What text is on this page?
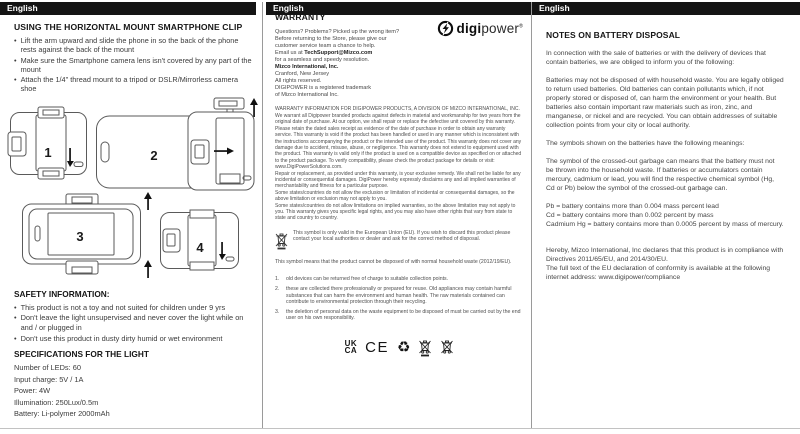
English
USING THE HORIZONTAL MOUNT SMARTPHONE CLIP
• Lift the arm upward and slide the phone in so the back of the phone rests against the back of the mount
• Make sure the Smartphone camera lens isn't covered by any part of the mount
• Attach the 1/4" thread mount to a tripod or DSLR/Mirrorless camera shoe
1	2
3
4
SAFETY INFORMATION:
• This product is not a toy and not suited for children under 9 yrs
• Don't leave the light unsupervised and never cover the light while on and / or plugged in
• Don't use this product in dusty dirty humid or wet environment
SPECIFICATIONS FOR THE LIGHT
Number of LEDs: 60
Input charge: 5V / 1A
Power: 4W
Illumination: 250Lux/0.5m
Battery: Li-polymer 2000mAh
English
digipower®
WARRANTY
Questions? Problems? Picked up the wrong item?
Before returning to the Store, please give our
customer service team a chance to help.
Email us at TechSupport@Mizco.com
for a seamless and speedy resolution.
Mizco International, Inc.
Cranford, New Jersey
All rights reserved.
DIGIPOWER is a registered trademark
of Mizco International Inc.

WARRANTY INFORMATION FOR DIGIPOWER PRODUCTS, A DIVISION OF MIZCO INTERNATIONAL, INC.

We warrant all Digipower branded products against defects in material and workmanship for two years from the original date of purchase. At our option, we shall repair or replace the defective unit covered by this warranty. Please retain the dated sales receipt as evidence of the date of purchase in order to obtain any warranty service. This warranty is void if the product has been handled or used in any manner which is inconsistent with the instructions accompanying the product or the intended use of the product. This warranty does not cover any damage due to accident, misuse, abuse, or negligence. This warranty does not extend to equipment used with the product. This warranty is valid only if the product is used on a compatible device as specified on or attached to the product package. To verify compatibility, please check the product package for details or visit: www.DigiPowerSolutions.com.

Repair or replacement, as provided under this warranty, is your exclusive remedy. We shall not be liable for any incidental or consequential damages. DigiPower hereby expressly disclaims any and all implied warranties of merchantability and fitness for a particular purpose.

Some states/countries do not allow the exclusion or limitation of incidental or consequential damages, so the above limitation or exclusion may not apply to you.

Some states/countries do not allow limitations on implied warranties, so the above limitation may not apply to you. This warranty gives you specific legal rights, and you may also have other rights that vary from state to state and country to country.

This symbol is only valid in the European Union (EU). If you wish to discard this product please contact your local authorities or dealer and ask for the correct method of disposal.
This symbol means that the product cannot be disposed of with normal household waste (2012/19/EU).
1.	old devices can be returned free of charge to suitable collection points.
2.	these are collected there professionally or prepared for reuse. Old appliances may contain harmful substances that can harm the environment and human health. The raw materials contained can contribute to environmental protection through their recycling.
3.	the deletion of personal data on the waste equipment to be disposed of must be carried out by the end user on his own responsibility.
UK
CA CE ♻
English
NOTES ON BATTERY DISPOSAL
In connection with the sale of batteries or with the delivery of devices that contain batteries, we are obliged to inform you of the following:
Batteries may not be disposed of with household waste. You are legally obliged to return used batteries. Old batteries can contain pollutants which, if not properly stored or disposed of, can harm the environment or your health. But batteries also contain important raw materials such as iron, zinc, and manganese, or nickel and are recycled. You can obtain addresses of suitable collection points from your city or local authority.
The symbols shown on the batteries have the following meanings:
The symbol of the crossed-out garbage can means that the battery must not be thrown into the household waste. If batteries or accumulators contain mercury, cadmium or lead, you will find the respective chemical symbol (Hg, Cd or Pb) below the symbol of the crossed-out garbage can.
Pb = battery contains more than 0.004 mass percent lead
Cd = battery contains more than 0.002 percent by mass
Cadmium Hg = battery contains more than 0.0005 percent by mass of mercury.
Hereby, Mizco International, Inc declares that this product is in compliance with Directives 2011/65/EU, and 2014/30/EU.
The full text of the EU declaration of conformity is available at the following internet address: www.digipower/compliance
